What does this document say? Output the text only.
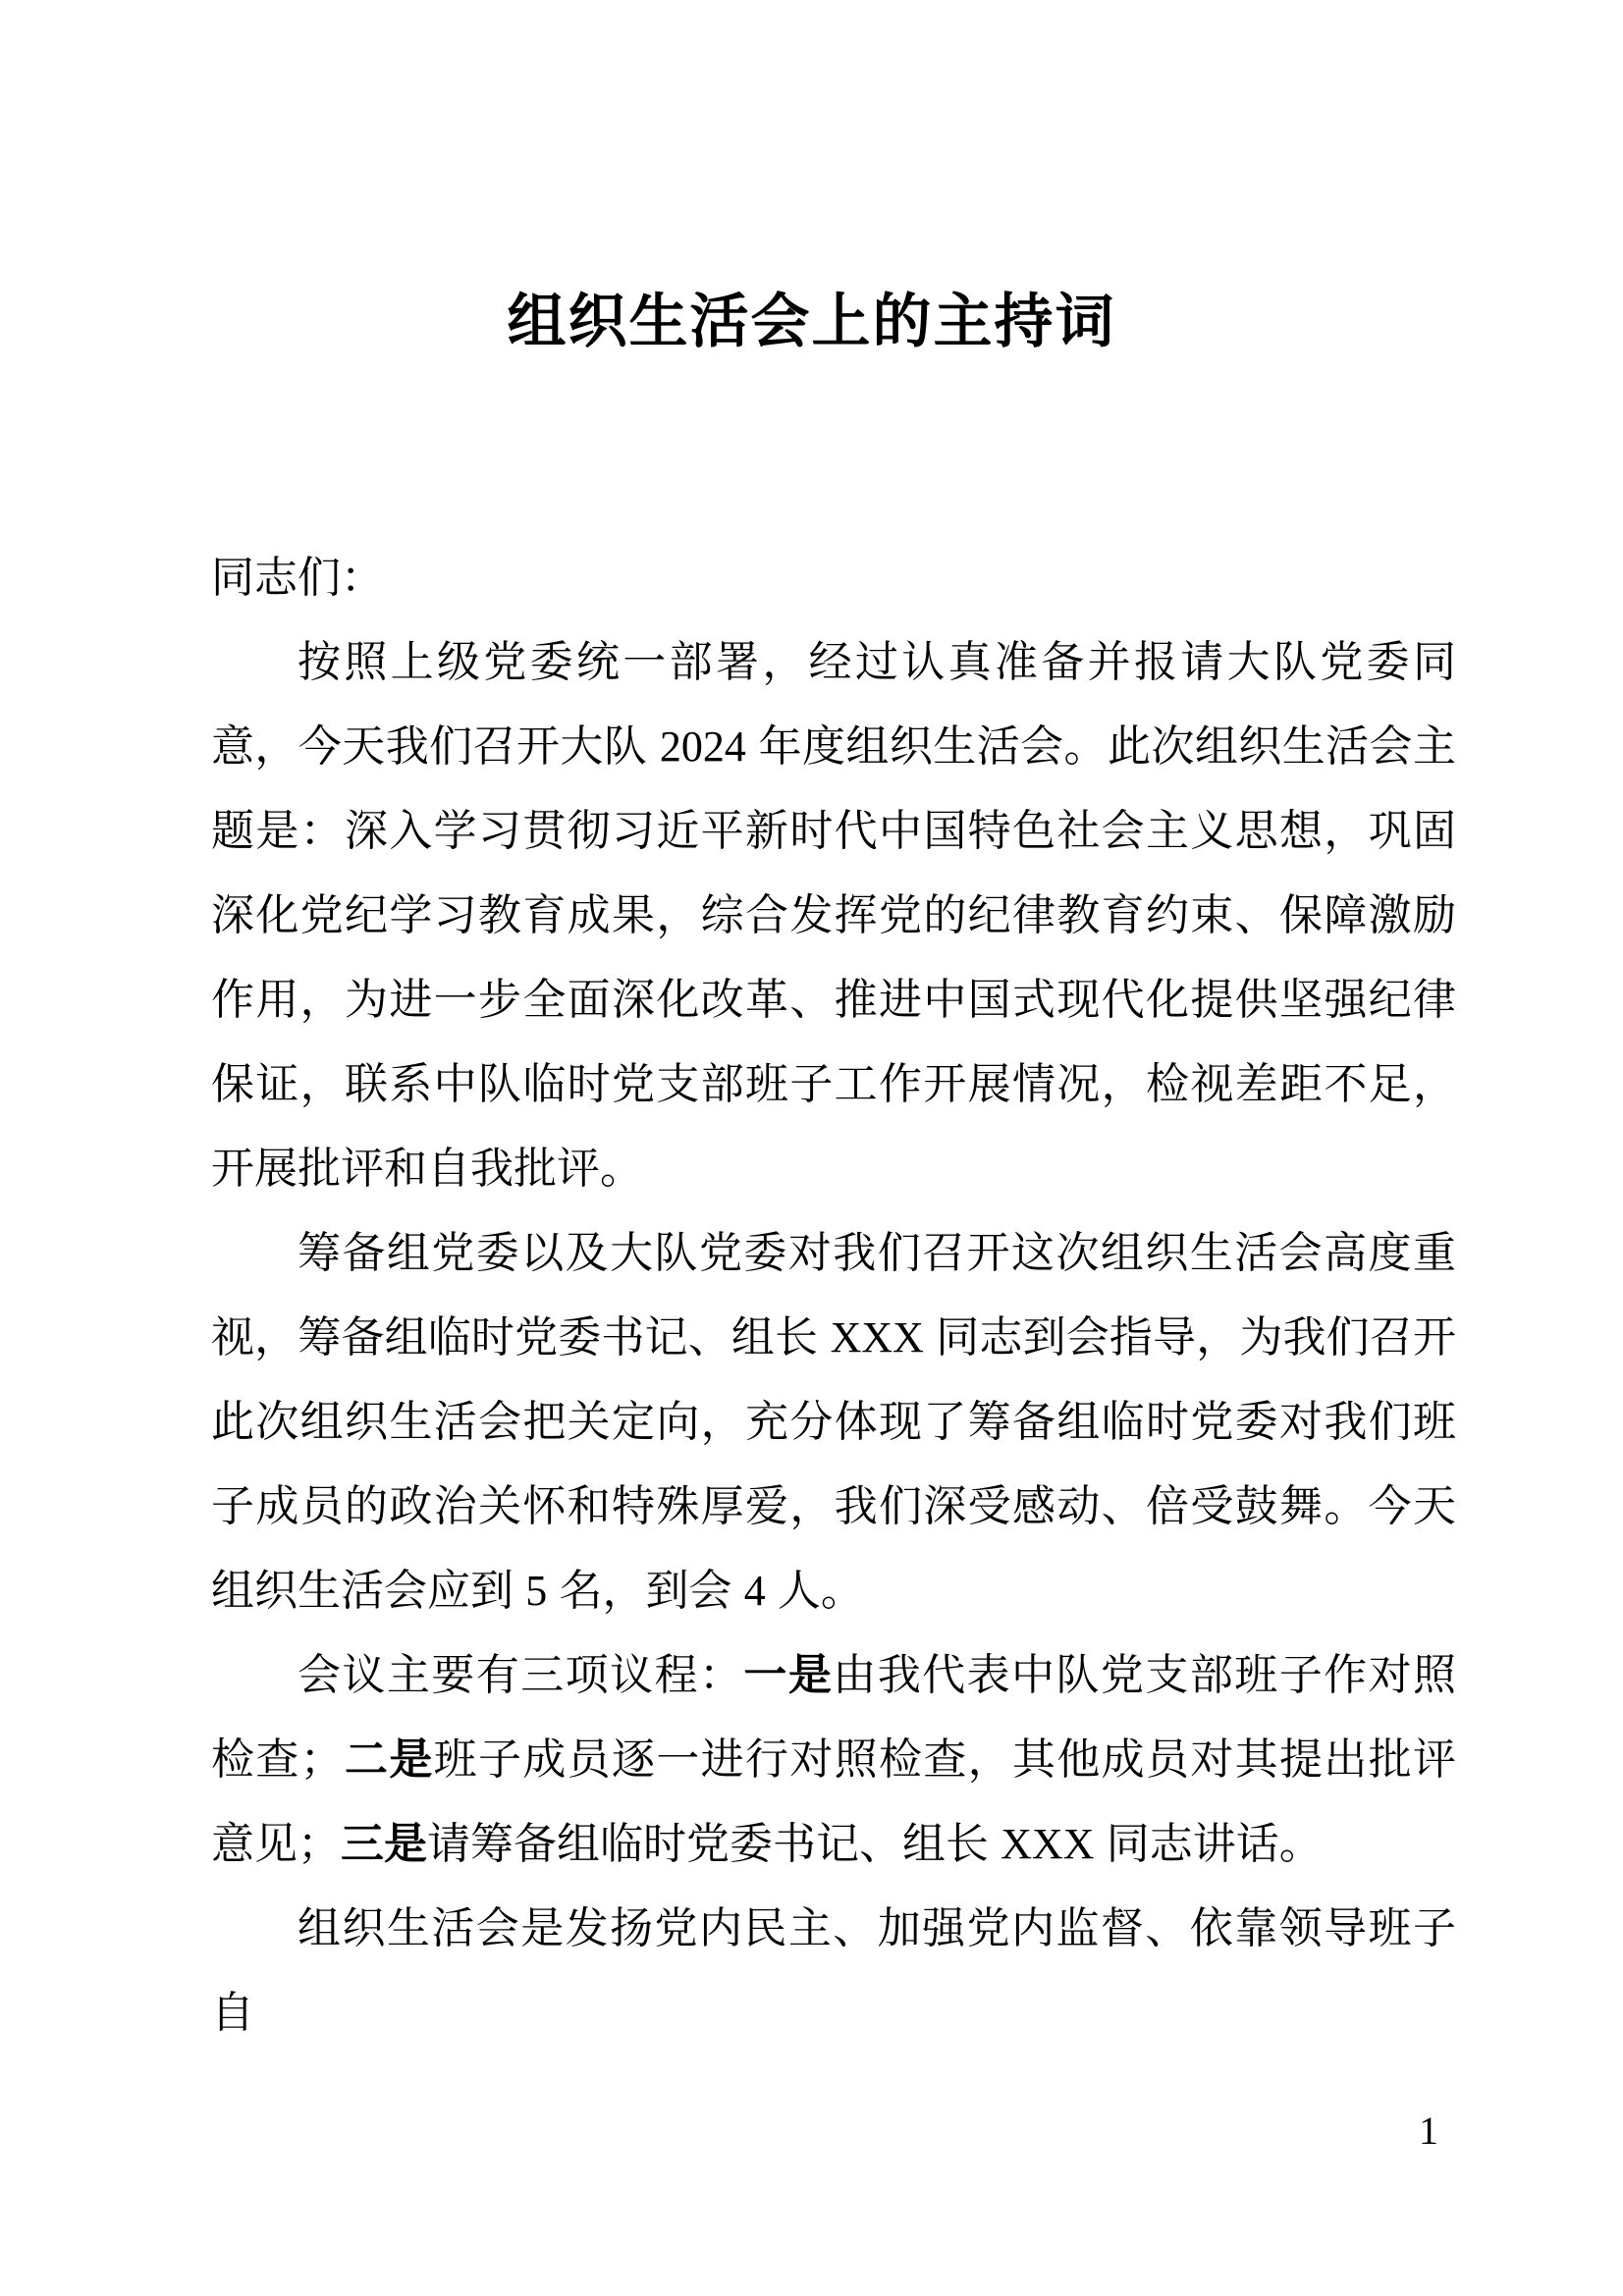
组织生活会上的主持词

同志们：

按照上级党委统一部署，经过认真准备并报请大队党委同意，今天我们召开大队 2024 年度组织生活会。此次组织生活会主题是：深入学习贯彻习近平新时代中国特色社会主义思想，巩固深化党纪学习教育成果，综合发挥党的纪律教育约束、保障激励作用，为进一步全面深化改革、推进中国式现代化提供坚强纪律保证，联系中队临时党支部班子工作开展情况，检视差距不足，开展批评和自我批评。

筹备组党委以及大队党委对我们召开这次组织生活会高度重视，筹备组临时党委书记、组长 XXX 同志到会指导，为我们召开此次组织生活会把关定向，充分体现了筹备组临时党委对我们班子成员的政治关怀和特殊厚爱，我们深受感动、倍受鼓舞。今天组织生活会应到 5 名，到会 4 人。

会议主要有三项议程：一是由我代表中队党支部班子作对照检查；二是班子成员逐一进行对照检查，其他成员对其提出批评意见；三是请筹备组临时党委书记、组长 XXX 同志讲话。

组织生活会是发扬党内民主、加强党内监督、依靠领导班子自

1
